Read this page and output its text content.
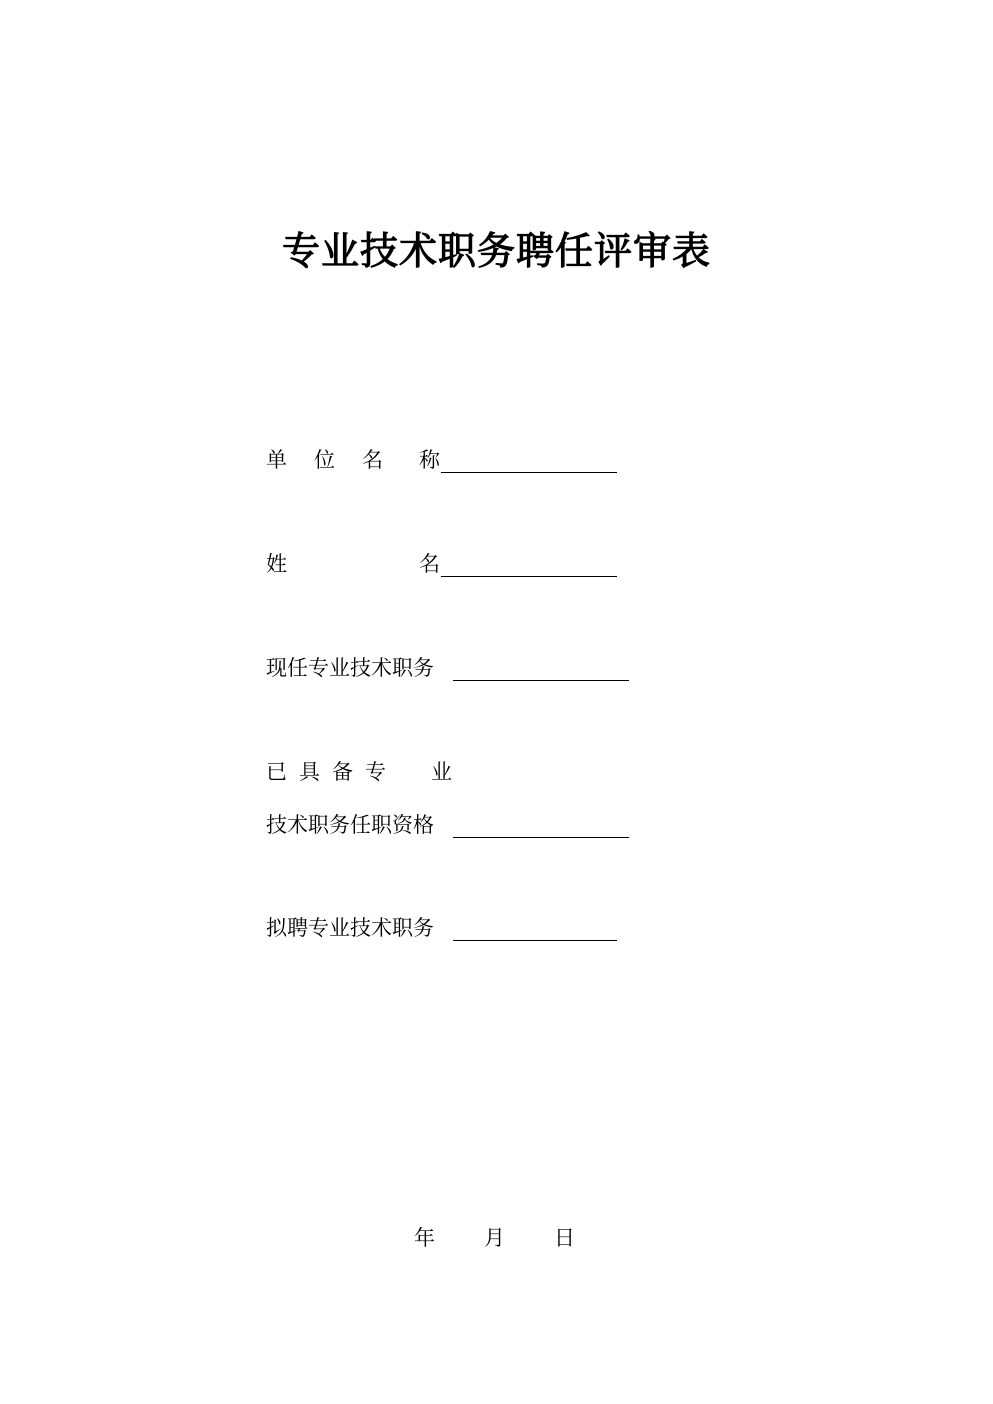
专业技术职务聘任评审表
单 位 名 称
姓	名
现任专业技术职务
已 具 备 专 业
技术职务任职资格
拟聘专业技术职务
年 月 日
